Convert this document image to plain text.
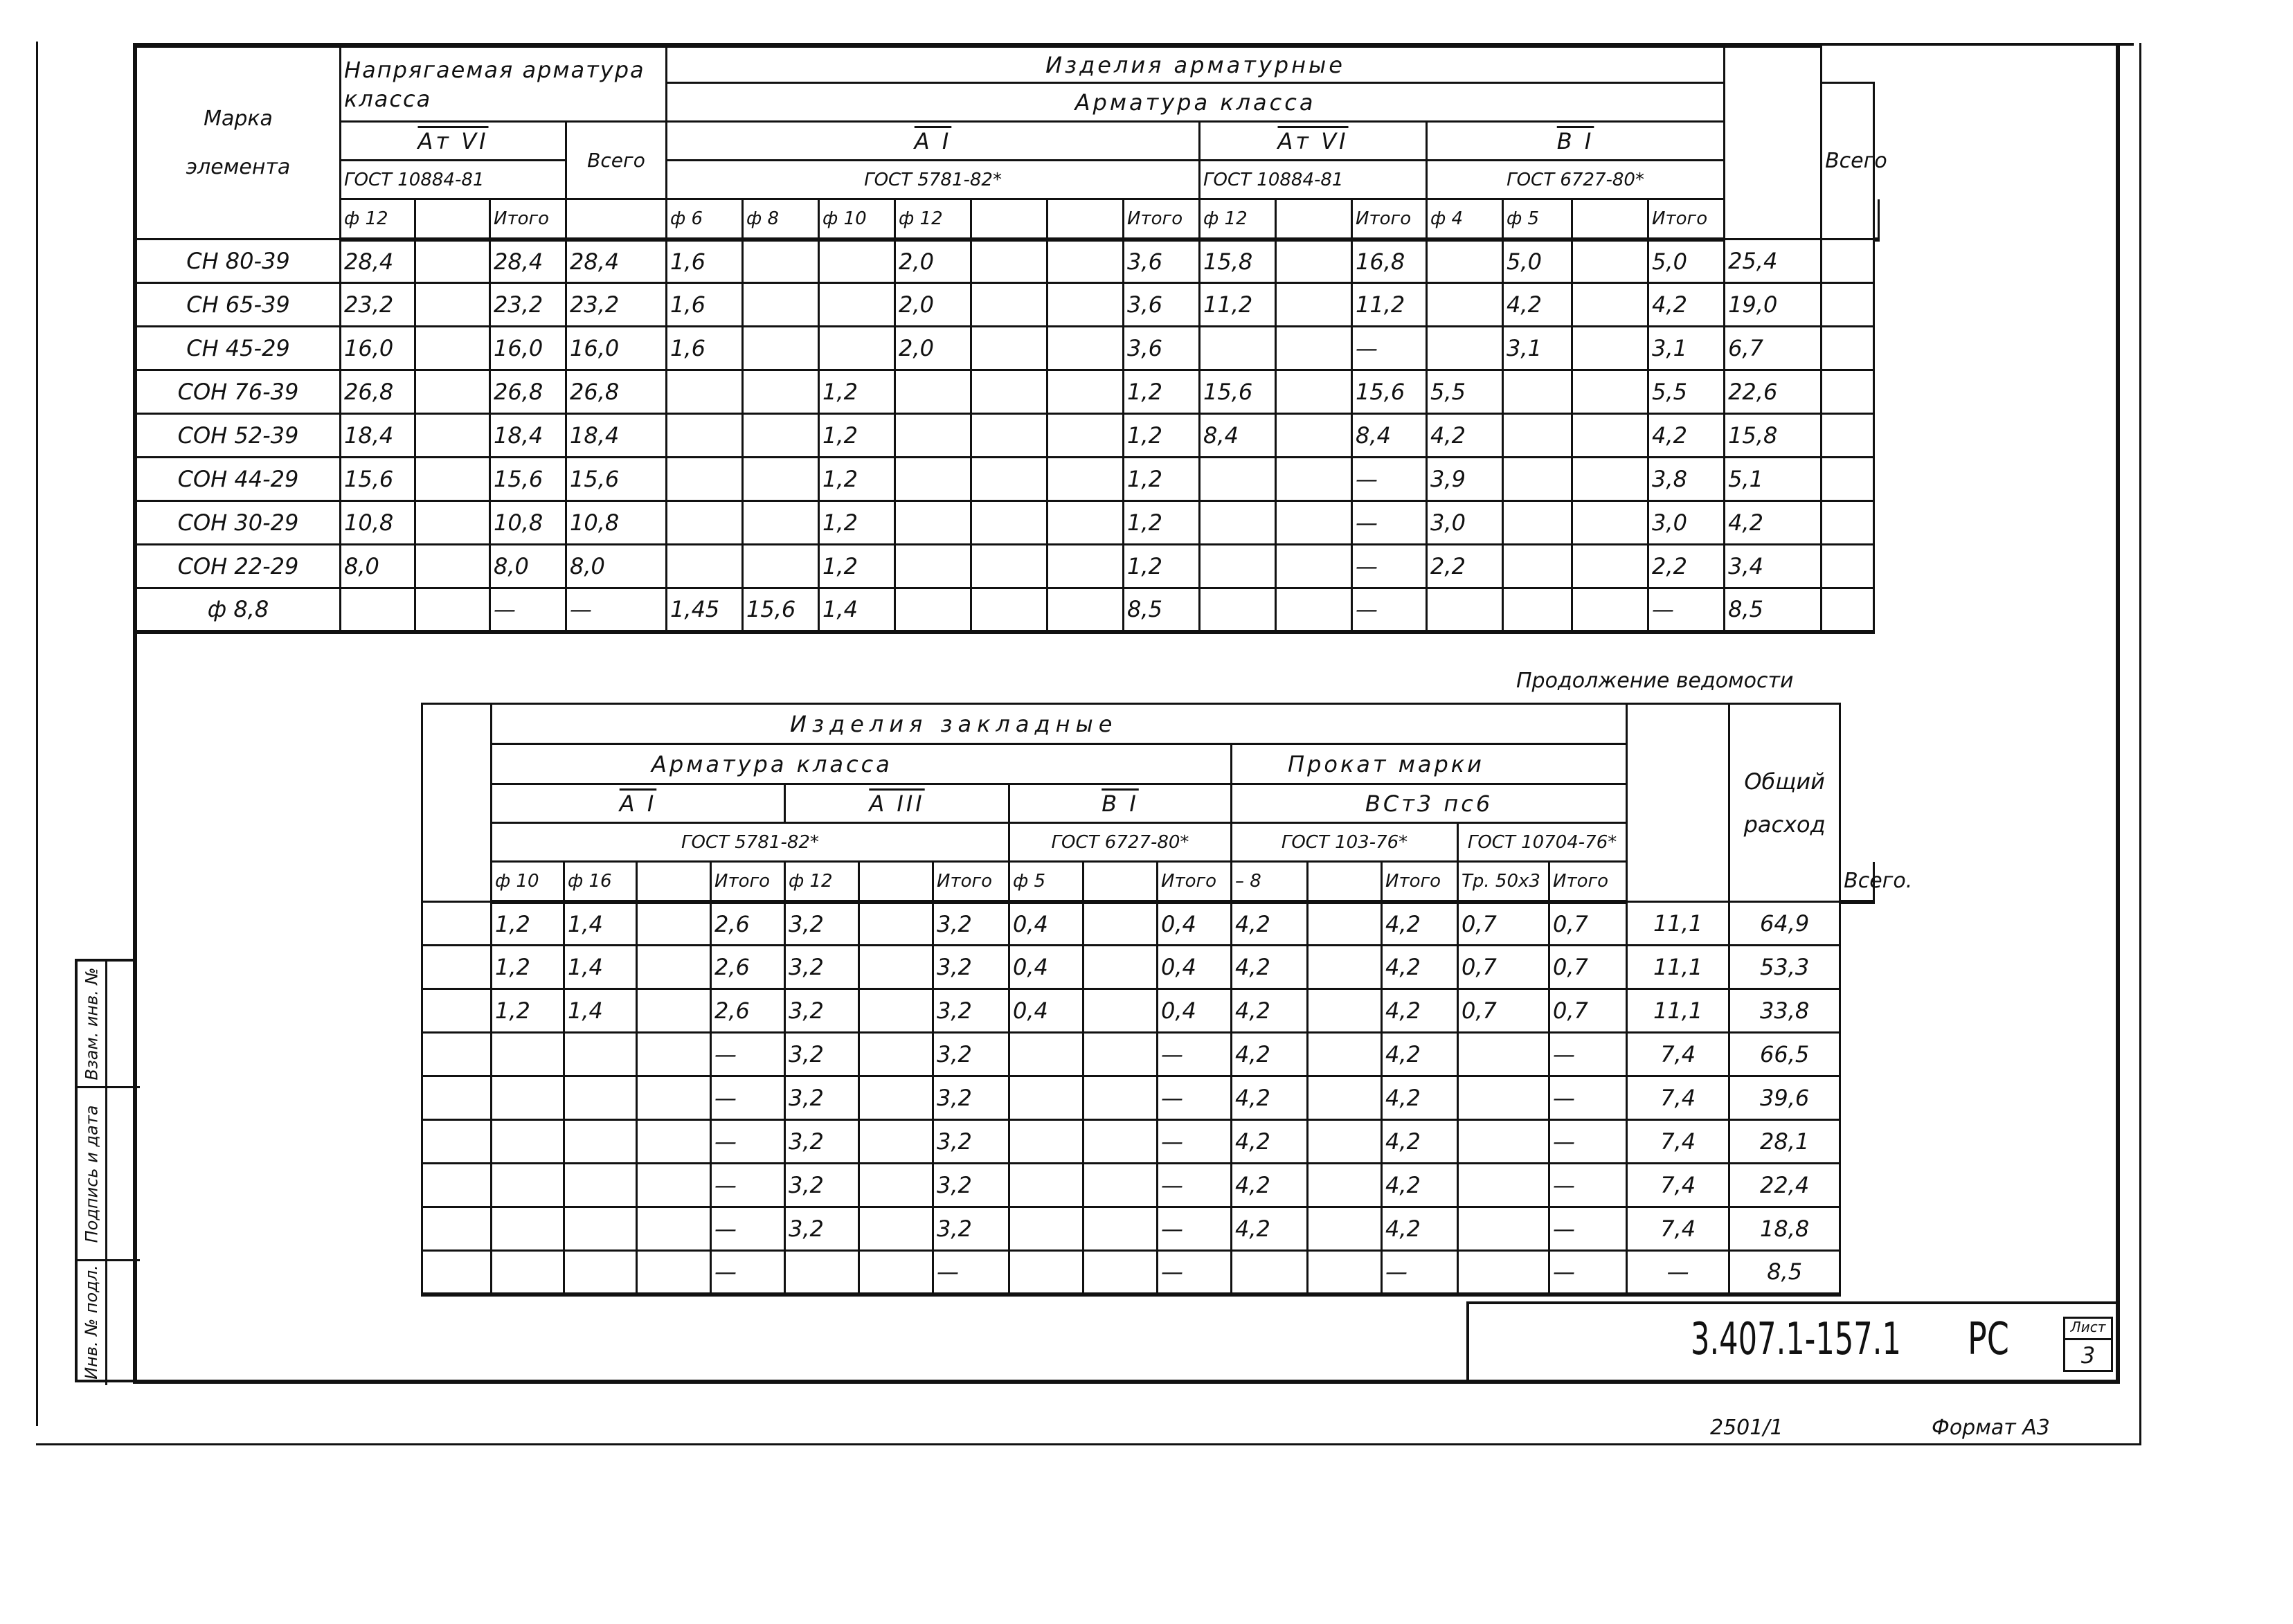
Взам. инв. №
Подпись и дата
Инв. № подл.
Марка
элемента	Напрягаемая арматура класса				Изделия арматурные																
					Арматура класса															Всего	
	Ат VI			Всего	А I							Ат VI			В I						
	ГОСТ 10884-81				ГОСТ 5781-82*							ГОСТ 10884-81			ГОСТ 6727-80*						
	ф 12		Итого		ф 6	ф 8	ф 10	ф 12			Итого	ф 12		Итого	ф 4	ф 5		Итого			
СН 80-39	28,4		28,4	28,4	1,6			2,0			3,6	15,8		16,8		5,0		5,0	25,4		
СН 65-39	23,2		23,2	23,2	1,6			2,0			3,6	11,2		11,2		4,2		4,2	19,0		
СН 45-29	16,0		16,0	16,0	1,6			2,0			3,6			—		3,1		3,1	6,7		
СОН 76-39	26,8		26,8	26,8			1,2				1,2	15,6		15,6	5,5			5,5	22,6		
СОН 52-39	18,4		18,4	18,4			1,2				1,2	8,4		8,4	4,2			4,2	15,8		
СОН 44-29	15,6		15,6	15,6			1,2				1,2			—	3,9			3,8	5,1		
СОН 30-29	10,8		10,8	10,8			1,2				1,2			—	3,0			3,0	4,2		
СОН 22-29	8,0		8,0	8,0			1,2				1,2			—	2,2			2,2	3,4		
ф 8,8			—	—	1,45	15,6	1,4				8,5			—				—	8,5		
Продолжение ведомости
	Изделия закладные																Общий расход	
	Арматура класса										Прокат марки							
	А I				А III			В I			ВСт3 пс6							
	ГОСТ 5781-82*							ГОСТ 6727-80*			ГОСТ 103-76*			ГОСТ 10704-76*				
	ф 10	ф 16		Итого	ф 12		Итого	ф 5		Итого	– 8		Итого	Тр. 50х3	Итого			Всего.
	1,2	1,4		2,6	3,2		3,2	0,4		0,4	4,2		4,2	0,7	0,7	11,1	64,9	
	1,2	1,4		2,6	3,2		3,2	0,4		0,4	4,2		4,2	0,7	0,7	11,1	53,3	
	1,2	1,4		2,6	3,2		3,2	0,4		0,4	4,2		4,2	0,7	0,7	11,1	33,8	
				—	3,2		3,2			—	4,2		4,2		—	7,4	66,5	
				—	3,2		3,2			—	4,2		4,2		—	7,4	39,6	
				—	3,2		3,2			—	4,2		4,2		—	7,4	28,1	
				—	3,2		3,2			—	4,2		4,2		—	7,4	22,4	
				—	3,2		3,2			—	4,2		4,2		—	7,4	18,8	
				—			—			—			—		—	—	8,5	
3.407.1-157.1 РС	Лист
3
2501/1	Формат А3
